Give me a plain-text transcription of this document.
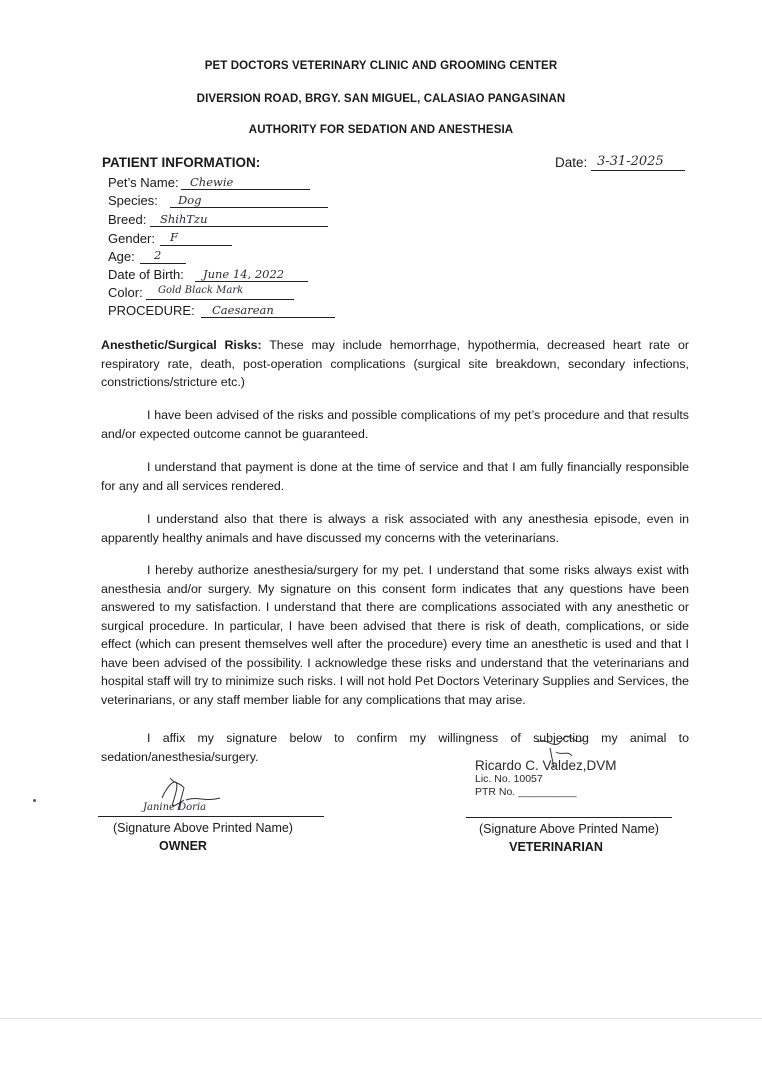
PET DOCTORS VETERINARY CLINIC AND GROOMING CENTER
DIVERSION ROAD, BRGY. SAN MIGUEL, CALASIAO PANGASINAN
AUTHORITY FOR SEDATION AND ANESTHESIA
PATIENT INFORMATION:	Date: 3-31-2025
Pet’s Name: Chewie
Species: Dog
Breed: ShihTzu
Gender: F
Age: 2
Date of Birth: June 14, 2022
Color: Gold Black Mark
PROCEDURE: Caesarean

Anesthetic/Surgical Risks: These may include hemorrhage, hypothermia, decreased heart rate or respiratory rate, death, post-operation complications (surgical site breakdown, secondary infections, constrictions/stricture etc.)

I have been advised of the risks and possible complications of my pet’s procedure and that results and/or expected outcome cannot be guaranteed.

I understand that payment is done at the time of service and that I am fully financially responsible for any and all services rendered.

I understand also that there is always a risk associated with any anesthesia episode, even in apparently healthy animals and have discussed my concerns with the veterinarians.

I hereby authorize anesthesia/surgery for my pet. I understand that some risks always exist with anesthesia and/or surgery. My signature on this consent form indicates that any questions have been answered to my satisfaction. I understand that there are complications associated with any anesthetic or surgical procedure. In particular, I have been advised that there is risk of death, complications, or side effect (which can present themselves well after the procedure) every time an anesthetic is used and that I have been advised of the possibility. I acknowledge these risks and understand that the veterinarians and hospital staff will try to minimize such risks. I will not hold Pet Doctors Veterinary Supplies and Services, the veterinarians, or any staff member liable for any complications that may arise.

I affix my signature below to confirm my willingness of subjecting my animal to sedation/anesthesia/surgery.

Ricardo C. Valdez,DVM
Lic. No. 10057
PTR No. __________
Janine Doria
(Signature Above Printed Name)
OWNER
(Signature Above Printed Name)
VETERINARIAN
